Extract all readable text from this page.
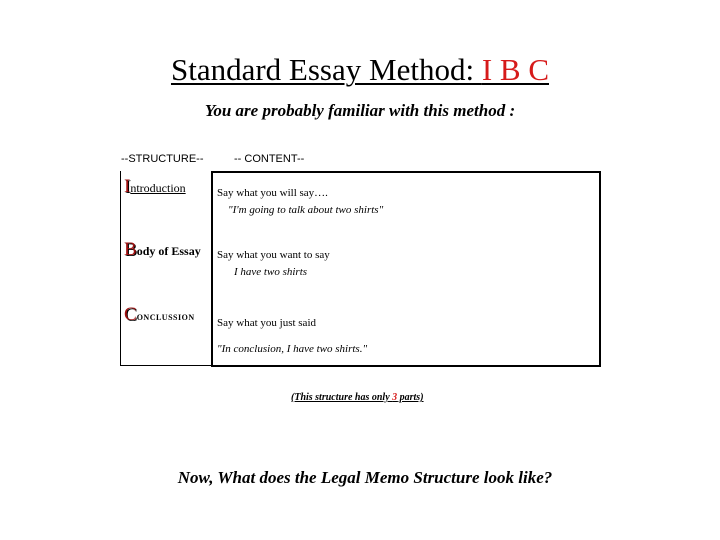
Standard Essay Method: I B C
You are probably familiar with this method :
--STRUCTURE--	-- CONTENT--
Introduction	Say what you will say….
"I'm going to talk about two shirts"
Body of Essay Say what you want to say
I have two shirts
Conclussion Say what you just said
"In conclusion, I have two shirts."
(This structure has only 3 parts)
Now, What does the Legal Memo Structure look like?
